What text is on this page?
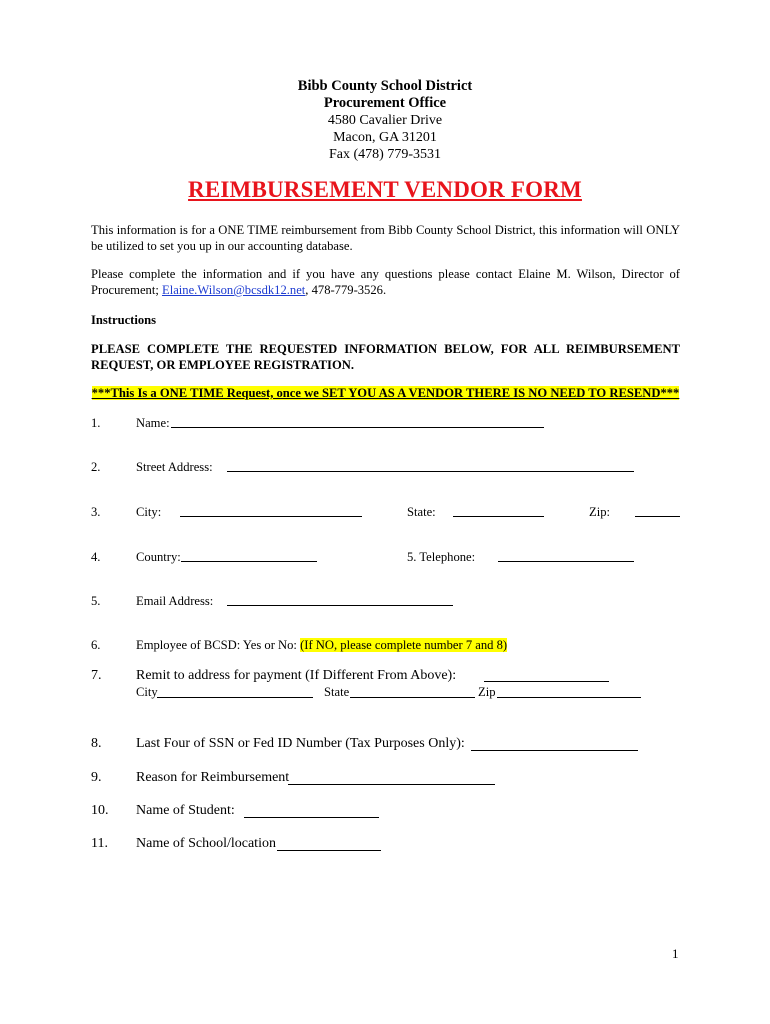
Bibb County School District
Procurement Office
4580 Cavalier Drive
Macon, GA 31201
Fax (478) 779-3531
REIMBURSEMENT VENDOR FORM
This information is for a ONE TIME reimbursement from Bibb County School District, this information will ONLY be utilized to set you up in our accounting database.
Please complete the information and if you have any questions please contact Elaine M. Wilson, Director of Procurement; Elaine.Wilson@bcsdk12.net, 478-779-3526.
Instructions
PLEASE COMPLETE THE REQUESTED INFORMATION BELOW, FOR ALL REIMBURSEMENT REQUEST, OR EMPLOYEE REGISTRATION.
***This Is a ONE TIME Request, once we SET YOU AS A VENDOR THERE IS NO NEED TO RESEND***
1.	Name:
2.	Street Address:
3.	City:	State:	Zip:
4.	Country:	5. Telephone:
5.	Email Address:
6.	Employee of BCSD: Yes or No: (If NO, please complete number 7 and 8)
7. Remit to address for payment (If Different From Above):
City	State	Zip
8. Last Four of SSN or Fed ID Number (Tax Purposes Only):
9. Reason for Reimbursement
10. Name of Student:
11. Name of School/location
1
